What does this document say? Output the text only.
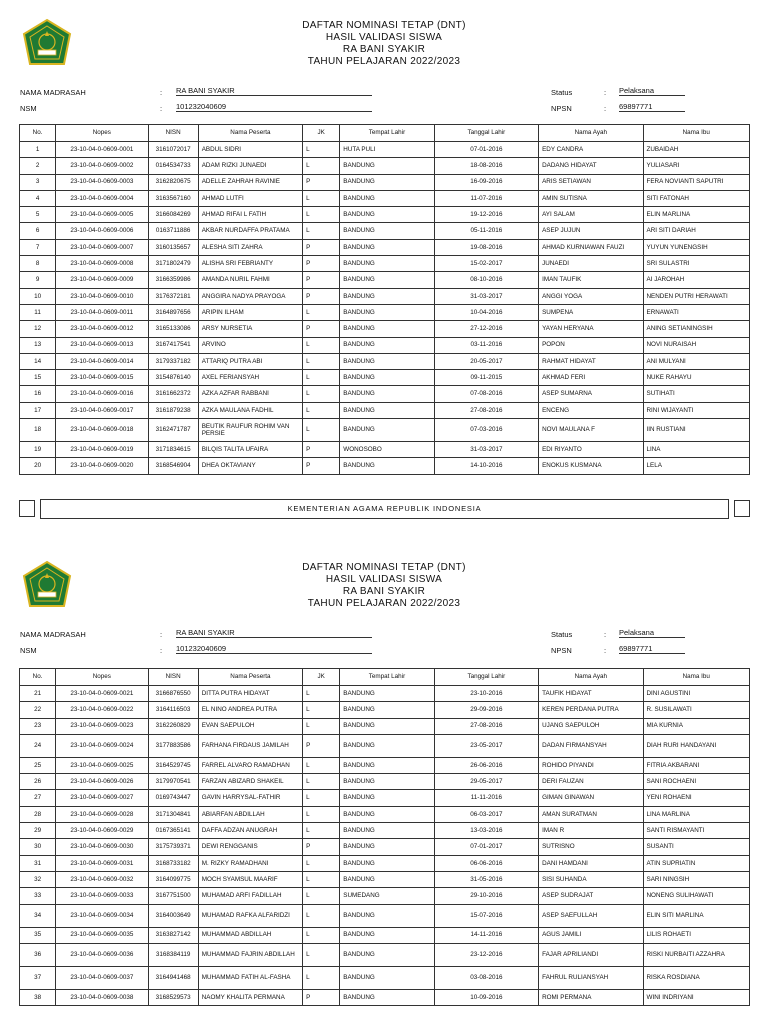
DAFTAR NOMINASI TETAP (DNT)
HASIL VALIDASI SISWA
RA BANI SYAKIR
TAHUN PELAJARAN 2022/2023
NAMA MADRASAH	: RA BANI SYAKIR
NSM	: 101232040609
Status	: Pelaksana
NPSN	: 69897771
No.	Nopes	NISN	Nama Peserta	JK	Tempat Lahir	Tanggal Lahir	Nama Ayah	Nama Ibu
1	23-10-04-0-0609-0001	3161072017	ABDUL SIDRI	L	HUTA PULI	07-01-2016	EDY CANDRA	ZUBAIDAH
2	23-10-04-0-0609-0002	0164534733	ADAM RIZKI JUNAEDI	L	BANDUNG	18-08-2016	DADANG HIDAYAT	YULIASARI
3	23-10-04-0-0609-0003	3162820675	ADELLE ZAHRAH RAVINIE	P	BANDUNG	16-09-2016	ARIS SETIAWAN	FERA NOVIANTI SAPUTRI
4	23-10-04-0-0609-0004	3163567160	AHMAD LUTFI	L	BANDUNG	11-07-2016	AMIN SUTISNA	SITI FATONAH
5	23-10-04-0-0609-0005	3166084269	AHMAD RIFAI L FATIH	L	BANDUNG	19-12-2016	AYI SALAM	ELIN MARLINA
6	23-10-04-0-0609-0006	0163711886	AKBAR NURDAFFA PRATAMA	L	BANDUNG	05-11-2016	ASEP JUJUN	ARI SITI DARIAH
7	23-10-04-0-0609-0007	3160135657	ALESHA SITI ZAHRA	P	BANDUNG	19-08-2016	AHMAD KURNIAWAN FAUZI	YUYUN YUNENGSIH
8	23-10-04-0-0609-0008	3171802479	ALISHA SRI FEBRIANTY	P	BANDUNG	15-02-2017	JUNAEDI	SRI SULASTRI
9	23-10-04-0-0609-0009	3166359986	AMANDA NURIL FAHMI	P	BANDUNG	08-10-2016	IMAN TAUFIK	AI JAROHAH
10	23-10-04-0-0609-0010	3176372181	ANGGIRA NADYA PRAYOGA	P	BANDUNG	31-03-2017	ANGGI YOGA	NENDEN PUTRI HERAWATI
11	23-10-04-0-0609-0011	3164897656	ARIPIN ILHAM	L	BANDUNG	10-04-2016	SUMPENA	ERNAWATI
12	23-10-04-0-0609-0012	3165133086	ARSY NURSETIA	P	BANDUNG	27-12-2016	YAYAN HERYANA	ANING SETIANINGSIH
13	23-10-04-0-0609-0013	3167417541	ARVINO	L	BANDUNG	03-11-2016	POPON	NOVI NURAISAH
14	23-10-04-0-0609-0014	3179337182	ATTARIQ PUTRA ABI	L	BANDUNG	20-05-2017	RAHMAT HIDAYAT	ANI MULYANI
15	23-10-04-0-0609-0015	3154876140	AXEL FERIANSYAH	L	BANDUNG	09-11-2015	AKHMAD FERI	NUKE RAHAYU
16	23-10-04-0-0609-0016	3161662372	AZKA AZFAR RABBANI	L	BANDUNG	07-08-2016	ASEP SUMARNA	SUTIHATI
17	23-10-04-0-0609-0017	3161879238	AZKA MAULANA FADHIL	L	BANDUNG	27-08-2016	ENCENG	RINI WIJAYANTI
18	23-10-04-0-0609-0018	3162471787	BEUTIK RAUFUR ROHIM VAN PERSIE	L	BANDUNG	07-03-2016	NOVI MAULANA F	IIN RUSTIANI
19	23-10-04-0-0609-0019	3171834615	BILQIS TALITA UFAIRA	P	WONOSOBO	31-03-2017	EDI RIYANTO	LINA
20	23-10-04-0-0609-0020	3168546904	DHEA OKTAVIANY	P	BANDUNG	14-10-2016	ENOKUS KUSMANA	LELA
KEMENTERIAN AGAMA REPUBLIK INDONESIA
DAFTAR NOMINASI TETAP (DNT)
HASIL VALIDASI SISWA
RA BANI SYAKIR
TAHUN PELAJARAN 2022/2023
NAMA MADRASAH	: RA BANI SYAKIR
NSM	: 101232040609
Status	: Pelaksana
NPSN	: 69897771
No.	Nopes	NISN	Nama Peserta	JK	Tempat Lahir	Tanggal Lahir	Nama Ayah	Nama Ibu
21	23-10-04-0-0609-0021	3166876550	DITTA PUTRA HIDAYAT	L	BANDUNG	23-10-2016	TAUFIK HIDAYAT	DINI AGUSTINI
22	23-10-04-0-0609-0022	3164116503	EL NINO ANDREA PUTRA	L	BANDUNG	29-09-2016	KEREN PERDANA PUTRA	R. SUSILAWATI
23	23-10-04-0-0609-0023	3162260829	EVAN SAEPULOH	L	BANDUNG	27-08-2016	UJANG SAEPULOH	MIA KURNIA
24	23-10-04-0-0609-0024	3177883586	FARHANA FIRDAUS JAMILAH	P	BANDUNG	23-05-2017	DADAN FIRMANSYAH	DIAH RURI HANDAYANI
25	23-10-04-0-0609-0025	3164529745	FARREL ALVARO RAMADHAN	L	BANDUNG	26-06-2016	ROHIDO PIYANDI	FITRIA AKBARANI
26	23-10-04-0-0609-0026	3179970541	FARZAN ABIZARD SHAKEIL	L	BANDUNG	29-05-2017	DERI FAUZAN	SANI ROCHAENI
27	23-10-04-0-0609-0027	0169743447	GAVIN HARRYSAL-FATHIR	L	BANDUNG	11-11-2016	GIMAN GINAWAN	YENI ROHAENI
28	23-10-04-0-0609-0028	3171304841	ABIARFAN ABDILLAH	L	BANDUNG	06-03-2017	AMAN SURATMAN	LINA MARLINA
29	23-10-04-0-0609-0029	0167365141	DAFFA ADZAN ANUGRAH	L	BANDUNG	13-03-2016	IMAN R	SANTI RISMAYANTI
30	23-10-04-0-0609-0030	3175739371	DEWI RENGGANIS	P	BANDUNG	07-01-2017	SUTRISNO	SUSANTI
31	23-10-04-0-0609-0031	3168733182	M. RIZKY RAMADHANI	L	BANDUNG	06-06-2016	DANI HAMDANI	ATIN SUPRIATIN
32	23-10-04-0-0609-0032	3164099775	MOCH SYAMSUL MAARIF	L	BANDUNG	31-05-2016	SISI SUHANDA	SARI NINGSIH
33	23-10-04-0-0609-0033	3167751500	MUHAMAD ARFI FADILLAH	L	SUMEDANG	29-10-2016	ASEP SUDRAJAT	NONENG SULIHAWATI
34	23-10-04-0-0609-0034	3164003649	MUHAMAD RAFKA ALFARIDZI	L	BANDUNG	15-07-2016	ASEP SAEFULLAH	ELIN SITI MARLINA
35	23-10-04-0-0609-0035	3163827142	MUHAMMAD ABDILLAH	L	BANDUNG	14-11-2016	AGUS JAMILI	LILIS ROHAETI
36	23-10-04-0-0609-0036	3168384119	MUHAMMAD FAJRIN ABDILLAH	L	BANDUNG	23-12-2016	FAJAR APRILIANDI	RISKI NURBAITI AZZAHRA
37	23-10-04-0-0609-0037	3164941468	MUHAMMAD FATIH AL-FASHA	L	BANDUNG	03-08-2016	FAHRUL RULIANSYAH	RISKA ROSDIANA
38	23-10-04-0-0609-0038	3168529573	NAOMY KHALITA PERMANA	P	BANDUNG	10-09-2016	ROMI PERMANA	WINI INDRIYANI
